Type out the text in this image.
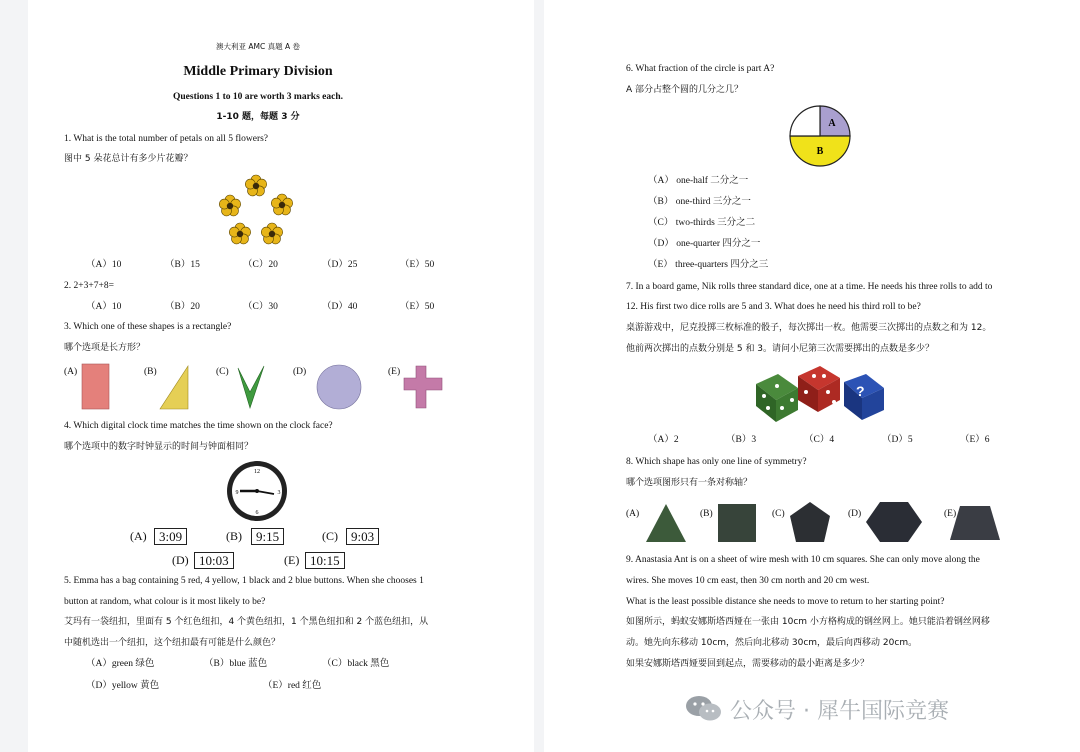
澳大利亚 AMC 真题 A 卷
Middle Primary Division
Questions 1 to 10 are worth 3 marks each.
1-10 题，每题 3 分
1. What is the total number of petals on all 5 flowers?
图中 5 朵花总计有多少片花瓣？
（A）10	（B）15	（C）20	（D）25	（E）50
2. 2+3+7+8=
（A）10	（B）20	（C）30	（D）40	（E）50
3. Which one of these shapes is a rectangle?
哪个选项是长方形？
(A)	(B)	(C)	(D)	(E)
4. Which digital clock time matches the time shown on the clock face?
哪个选项中的数字时钟显示的时间与钟面相同？
12
3
6
9
(A) 3:09	(B)	9:15	(C)	9:03
(D) 10:03	(E) 10:15
5. Emma has a bag containing 5 red, 4 yellow, 1 black and 2 blue buttons. When she chooses 1
button at random, what colour is it most likely to be?
艾玛有一袋纽扣，里面有 5 个红色纽扣，4 个黄色纽扣，1 个黑色纽扣和 2 个蓝色纽扣，从
中随机选出一个纽扣，这个纽扣最有可能是什么颜色？
（A）green 绿色	（B）blue 蓝色	（C）black 黑色
（D）yellow 黄色	（E）red 红色
6. What fraction of the circle is part A?
A 部分占整个圆的几分之几？
A
B
（A） one-half 二分之一
（B） one-third 三分之一
（C） two-thirds 三分之二
（D） one-quarter 四分之一
（E） three-quarters 四分之三
7. In a board game, Nik rolls three standard dice, one at a time. He needs his three rolls to add to
12. His first two dice rolls are 5 and 3. What does he need his third roll to be?
桌游游戏中，尼克投掷三枚标准的骰子，每次掷出一枚。他需要三次掷出的点数之和为 12。
他前两次掷出的点数分别是 5 和 3。请问小尼第三次需要掷出的点数是多少？
?
（A）2	（B）3	（C）4	（D）5	（E）6
8. Which shape has only one line of symmetry?
哪个选项图形只有一条对称轴？
(A)	(B)	(C)	(D)	(E)
9. Anastasia Ant is on a sheet of wire mesh with 10 cm squares. She can only move along the
wires. She moves 10 cm east, then 30 cm north and 20 cm west.
What is the least possible distance she needs to move to return to her starting point?
如图所示，蚂蚁安娜斯塔西娅在一张由 10cm 小方格构成的钢丝网上。她只能沿着钢丝网移
动。她先向东移动 10cm，然后向北移动 30cm，最后向西移动 20cm。
如果安娜斯塔西娅要回到起点，需要移动的最小距离是多少？
公众号 · 犀牛国际竞赛
